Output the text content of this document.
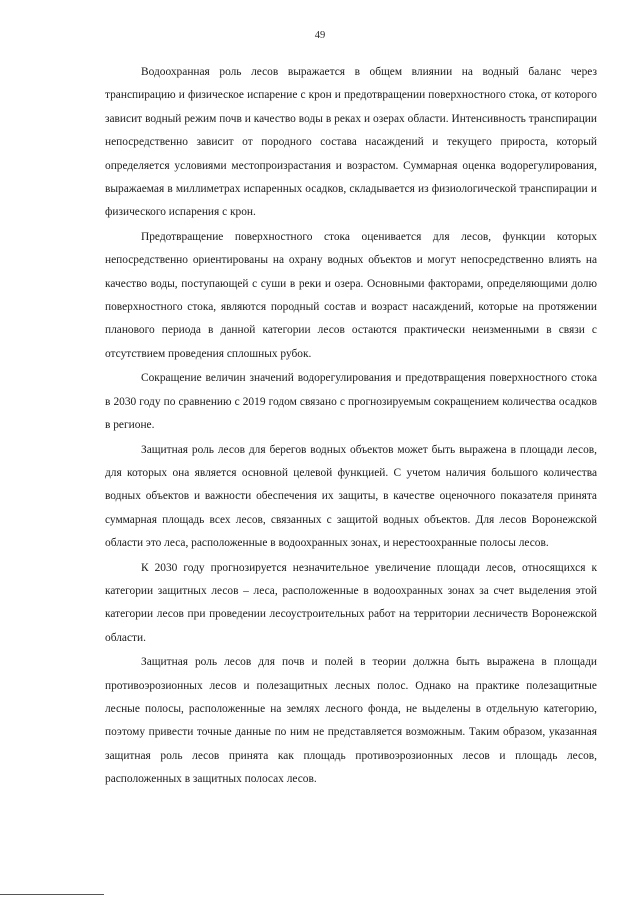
49

Водоохранная роль лесов выражается в общем влиянии на водный баланс через транспирацию и физическое испарение с крон и предотвращении поверхностного стока, от которого зависит водный режим почв и качество воды в реках и озерах области. Интенсивность транспирации непосредственно зависит от породного состава насаждений и текущего прироста, который определяется условиями местопроизрастания и возрастом. Суммарная оценка водорегулирования, выражаемая в миллиметрах испаренных осадков, складывается из физиологической транспирации и физического испарения с крон.

Предотвращение поверхностного стока оценивается для лесов, функции которых непосредственно ориентированы на охрану водных объектов и могут непосредственно влиять на качество воды, поступающей с суши в реки и озера. Основными факторами, определяющими долю поверхностного стока, являются породный состав и возраст насаждений, которые на протяжении планового периода в данной категории лесов остаются практически неизменными в связи с отсутствием проведения сплошных рубок.

Сокращение величин значений водорегулирования и предотвращения поверхностного стока в 2030 году по сравнению с 2019 годом связано с прогнозируемым сокращением количества осадков в регионе.

Защитная роль лесов для берегов водных объектов может быть выражена в площади лесов, для которых она является основной целевой функцией. С учетом наличия большого количества водных объектов и важности обеспечения их защиты, в качестве оценочного показателя принята суммарная площадь всех лесов, связанных с защитой водных объектов. Для лесов Воронежской области это леса, расположенные в водоохранных зонах, и нерестоохранные полосы лесов.

К 2030 году прогнозируется незначительное увеличение площади лесов, относящихся к категории защитных лесов – леса, расположенные в водоохранных зонах за счет выделения этой категории лесов при проведении лесоустроительных работ на территории лесничеств Воронежской области.

Защитная роль лесов для почв и полей в теории должна быть выражена в площади противоэрозионных лесов и полезащитных лесных полос. Однако на практике полезащитные лесные полосы, расположенные на землях лесного фонда, не выделены в отдельную категорию, поэтому привести точные данные по ним не представляется возможным. Таким образом, указанная защитная роль лесов принята как площадь противоэрозионных лесов и площадь лесов, расположенных в защитных полосах лесов.
